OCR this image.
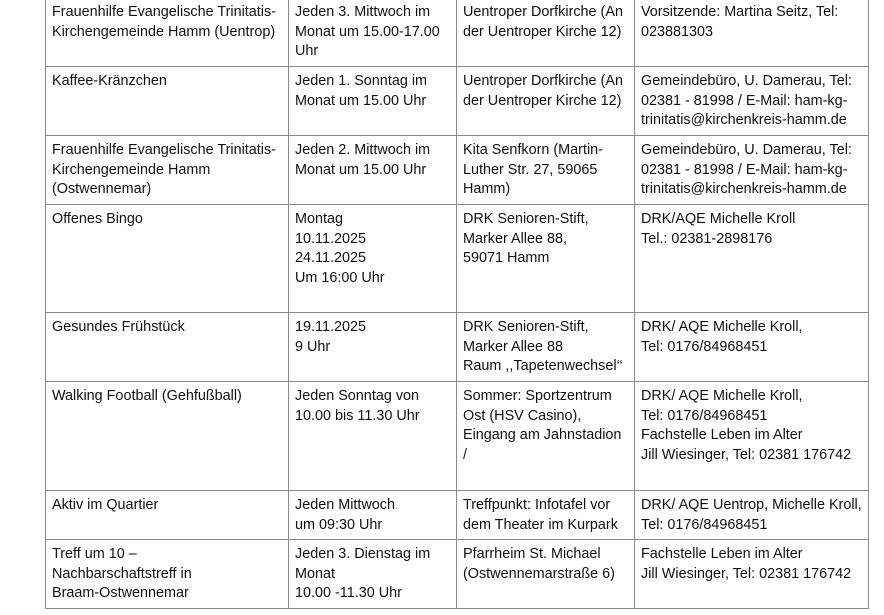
Frauenhilfe Evangelische Trinitatis-Kirchengemeinde Hamm (Uentrop)	Jeden 3. Mittwoch im Monat um 15.00-17.00 Uhr	Uentroper Dorfkirche (An der Uentroper Kirche 12)	Vorsitzende: Martina Seitz, Tel: 023881303

Kaffee-Kränzchen	Jeden 1. Sonntag im Monat um 15.00 Uhr	Uentroper Dorfkirche (An der Uentroper Kirche 12)	Gemeindebüro, U. Damerau, Tel: 02381 - 81998 / E-Mail: ham-kg-trinitatis@kirchenkreis-hamm.de

Frauenhilfe Evangelische Trinitatis-Kirchengemeinde Hamm (Ostwennemar)	Jeden 2. Mittwoch im Monat um 15.00 Uhr	Kita Senfkorn (Martin-Luther Str. 27, 59065 Hamm)	Gemeindebüro, U. Damerau, Tel: 02381 - 81998 / E-Mail: ham-kg-trinitatis@kirchenkreis-hamm.de

Offenes Bingo	Montag
10.11.2025
24.11.2025
Um 16:00 Uhr	DRK Senioren-Stift,
Marker Allee 88,
59071 Hamm	DRK/AQE Michelle Kroll
Tel.: 02381-2898176

Gesundes Frühstück	19.11.2025
9 Uhr	DRK Senioren-Stift,
Marker Allee 88
Raum ,,Tapetenwechsel‘‘	DRK/ AQE Michelle Kroll,
Tel: 0176/84968451

Walking Football (Gehfußball)	Jeden Sonntag von 10.00 bis 11.30 Uhr	Sommer: Sportzentrum Ost (HSV Casino), Eingang am Jahnstadion /	DRK/ AQE Michelle Kroll,
Tel: 0176/84968451
Fachstelle Leben im Alter
Jill Wiesinger, Tel: 02381 176742

Aktiv im Quartier	Jeden Mittwoch
um 09:30 Uhr	Treffpunkt: Infotafel vor dem Theater im Kurpark	DRK/ AQE Uentrop, Michelle Kroll,
Tel: 0176/84968451

Treff um 10 –
Nachbarschaftstreff in
Braam-Ostwennemar	Jeden 3. Dienstag im Monat
10.00 -11.30 Uhr	Pfarrheim St. Michael (Ostwennemarstraße 6)	Fachstelle Leben im Alter
Jill Wiesinger, Tel: 02381 176742
